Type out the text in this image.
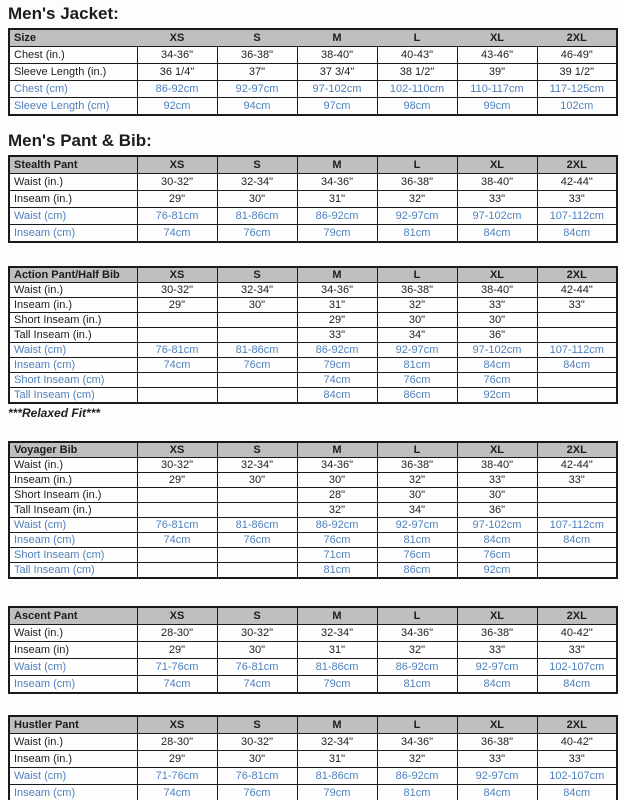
Men's Jacket:
Size	XS	S	M	L	XL	2XL
Chest (in.)	34-36"	36-38"	38-40"	40-43"	43-46"	46-49"
Sleeve Length (in.)	36 1/4"	37"	37 3/4"	38 1/2"	39"	39 1/2"
Chest (cm)	86-92cm	92-97cm	97-102cm	102-110cm	110-117cm	117-125cm
Sleeve Length (cm)	92cm	94cm	97cm	98cm	99cm	102cm
Men's Pant & Bib:
Stealth Pant	XS	S	M	L	XL	2XL
Waist (in.)	30-32"	32-34"	34-36"	36-38"	38-40"	42-44"
Inseam (in.)	29"	30"	31"	32"	33"	33"
Waist (cm)	76-81cm	81-86cm	86-92cm	92-97cm	97-102cm	107-112cm
Inseam (cm)	74cm	76cm	79cm	81cm	84cm	84cm
Action Pant/Half Bib	XS	S	M	L	XL	2XL
Waist (in.)	30-32"	32-34"	34-36"	36-38"	38-40"	42-44"
Inseam (in.)	29"	30"	31"	32"	33"	33"
Short Inseam (in.)			29"	30"	30"	
Tall Inseam (in.)			33"	34"	36"	
Waist (cm)	76-81cm	81-86cm	86-92cm	92-97cm	97-102cm	107-112cm
Inseam (cm)	74cm	76cm	79cm	81cm	84cm	84cm
Short Inseam (cm)			74cm	76cm	76cm	
Tall Inseam (cm)			84cm	86cm	92cm	
***Relaxed Fit***
Voyager Bib	XS	S	M	L	XL	2XL
Waist (in.)	30-32"	32-34"	34-36"	36-38"	38-40"	42-44"
Inseam (in.)	29"	30"	30"	32"	33"	33"
Short Inseam (in.)			28"	30"	30"	
Tall Inseam (in.)			32"	34"	36"	
Waist (cm)	76-81cm	81-86cm	86-92cm	92-97cm	97-102cm	107-112cm
Inseam (cm)	74cm	76cm	76cm	81cm	84cm	84cm
Short Inseam (cm)			71cm	76cm	76cm	
Tall Inseam (cm)			81cm	86cm	92cm	
Ascent Pant	XS	S	M	L	XL	2XL
Waist (in.)	28-30"	30-32"	32-34"	34-36"	36-38"	40-42"
Inseam (in)	29"	30"	31"	32"	33"	33"
Waist (cm)	71-76cm	76-81cm	81-86cm	86-92cm	92-97cm	102-107cm
Inseam (cm)	74cm	74cm	79cm	81cm	84cm	84cm
Hustler Pant	XS	S	M	L	XL	2XL
Waist (in.)	28-30"	30-32"	32-34"	34-36"	36-38"	40-42"
Inseam (in.)	29"	30"	31"	32"	33"	33"
Waist (cm)	71-76cm	76-81cm	81-86cm	86-92cm	92-97cm	102-107cm
Inseam (cm)	74cm	76cm	79cm	81cm	84cm	84cm
